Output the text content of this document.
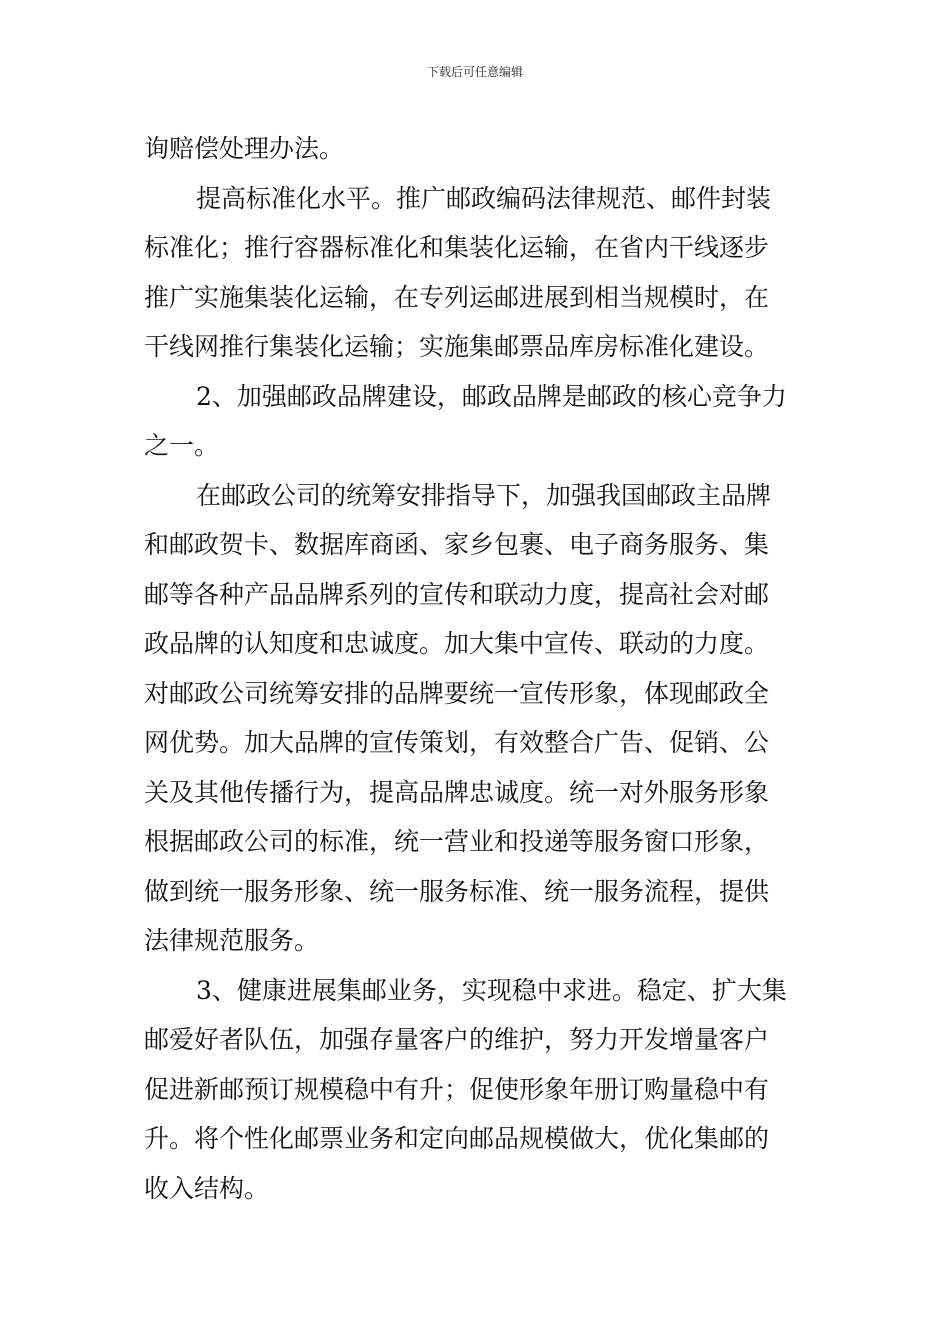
下载后可任意编辑
询赔偿处理办法。
提高标准化水平。推广邮政编码法律规范、邮件封装
标准化；推行容器标准化和集装化运输，在省内干线逐步
推广实施集装化运输，在专列运邮进展到相当规模时，在
干线网推行集装化运输；实施集邮票品库房标准化建设。
2、加强邮政品牌建设，邮政品牌是邮政的核心竞争力
之一。
在邮政公司的统筹安排指导下，加强我国邮政主品牌
和邮政贺卡、数据库商函、家乡包裹、电子商务服务、集
邮等各种产品品牌系列的宣传和联动力度，提高社会对邮
政品牌的认知度和忠诚度。加大集中宣传、联动的力度。
对邮政公司统筹安排的品牌要统一宣传形象，体现邮政全
网优势。加大品牌的宣传策划，有效整合广告、促销、公
关及其他传播行为，提高品牌忠诚度。统一对外服务形象
根据邮政公司的标准，统一营业和投递等服务窗口形象，
做到统一服务形象、统一服务标准、统一服务流程，提供
法律规范服务。
3、健康进展集邮业务，实现稳中求进。稳定、扩大集
邮爱好者队伍，加强存量客户的维护，努力开发增量客户
促进新邮预订规模稳中有升；促使形象年册订购量稳中有
升。将个性化邮票业务和定向邮品规模做大，优化集邮的
收入结构。
